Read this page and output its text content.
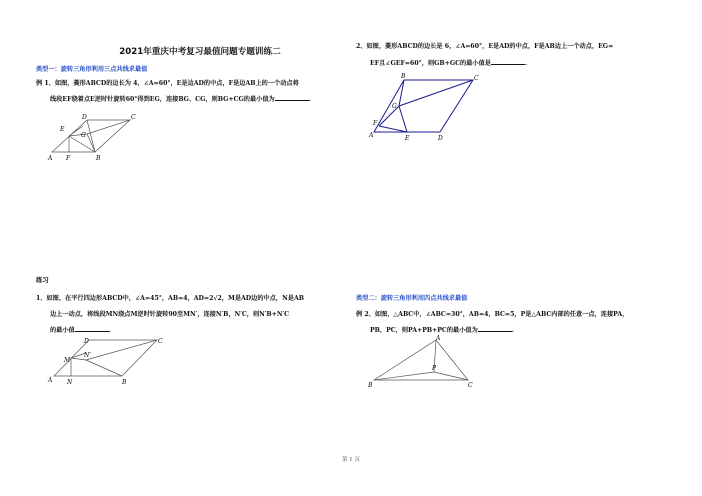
2021年重庆中考复习最值问题专题训练二
类型一：旋转三角形利用三点共线求最值
例 1、如图，菱形ABCD的边长为 4，∠A=60°，E是边AD的中点，F是边AB上的一个动点将
线段EF绕着点E逆时针旋转60°得到EG，连接BG、CG，则BG+CG的最小值为	.
E
G
D	C
A F	B
练习
1、如图，在平行四边形ABCD中，∠A=45°，AB=4，AD=2√2，M是AD边的中点，N是AB
边上一动点，将线段MN绕点M逆时针旋转90至MN′，连接N′B，N′C，则N′B+N′C
的最小值	.
D	C
M
N'
A N	B
2、如图，菱形ABCD的边长是 6，∠A=60°，E是AD的中点，F是AB边上一个动点，EG=
EF且∠GEF=60°，则GB+GC的最小值是	.
B	C
G
F
A	E	D
类型二：旋转三角形利用四点共线求最值
例 2、如图，△ABC中，∠ABC=30°，AB=4，BC=5，P是△ABC内部的任意一点，连接PA，
PB，PC，则PA+PB+PC的最小值为	.
A
P
B	C
第 1 页
